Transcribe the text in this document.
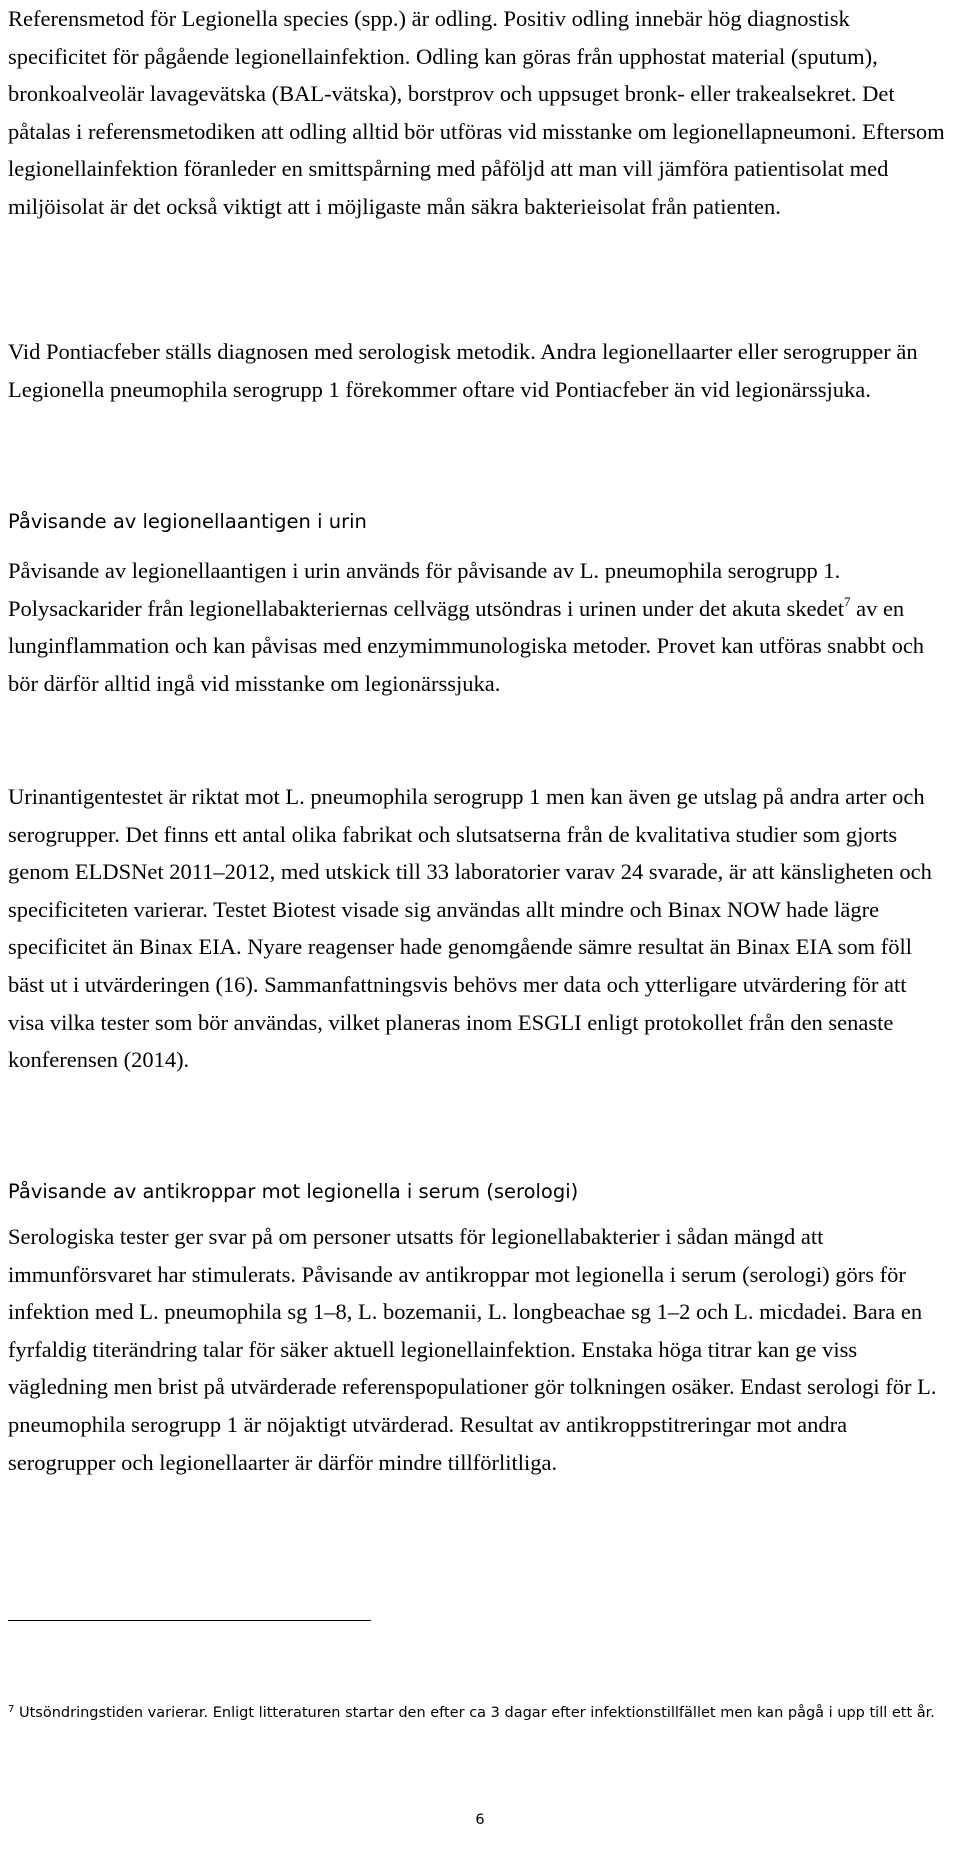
Referensmetod för Legionella species (spp.) är odling. Positiv odling innebär hög diagnostisk specificitet för pågående legionellainfektion. Odling kan göras från upphostat material (sputum), bronkoalveolär lavagevätska (BAL-vätska), borstprov och uppsuget bronk- eller trakealsekret. Det påtalas i referensmetodiken att odling alltid bör utföras vid misstanke om legionellapneumoni. Eftersom legionellainfektion föranleder en smittspårning med påföljd att man vill jämföra patientisolat med miljöisolat är det också viktigt att i möjligaste mån säkra bakterieisolat från patienten.

Vid Pontiacfeber ställs diagnosen med serologisk metodik. Andra legionellaarter eller serogrupper än Legionella pneumophila serogrupp 1 förekommer oftare vid Pontiacfeber än vid legionärssjuka.

Påvisande av legionellaantigen i urin

Påvisande av legionellaantigen i urin används för påvisande av L. pneumophila serogrupp 1. Polysackarider från legionellabakteriernas cellvägg utsöndras i urinen under det akuta skedet$^7$ av en lunginflammation och kan påvisas med enzymimmunologiska metoder. Provet kan utföras snabbt och bör därför alltid ingå vid misstanke om legionärssjuka.

Urinantigentestet är riktat mot L. pneumophila serogrupp 1 men kan även ge utslag på andra arter och serogrupper. Det finns ett antal olika fabrikat och slutsatserna från de kvalitativa studier som gjorts genom ELDSNet 2011–2012, med utskick till 33 laboratorier varav 24 svarade, är att känsligheten och specificiteten varierar. Testet Biotest visade sig användas allt mindre och Binax NOW hade lägre specificitet än Binax EIA. Nyare reagenser hade genomgående sämre resultat än Binax EIA som föll bäst ut i utvärderingen (16). Sammanfattningsvis behövs mer data och ytterligare utvärdering för att visa vilka tester som bör användas, vilket planeras inom ESGLI enligt protokollet från den senaste konferensen (2014).

Påvisande av antikroppar mot legionella i serum (serologi)

Serologiska tester ger svar på om personer utsatts för legionellabakterier i sådan mängd att immunförsvaret har stimulerats. Påvisande av antikroppar mot legionella i serum (serologi) görs för infektion med L. pneumophila sg 1–8, L. bozemanii, L. longbeachae sg 1–2 och L. micdadei. Bara en fyrfaldig titerändring talar för säker aktuell legionellainfektion. Enstaka höga titrar kan ge viss vägledning men brist på utvärderade referenspopulationer gör tolkningen osäker. Endast serologi för L. pneumophila serogrupp 1 är nöjaktigt utvärderad. Resultat av antikroppstitreringar mot andra serogrupper och legionellaarter är därför mindre tillförlitliga.

$^7$ Utsöndringstiden varierar. Enligt litteraturen startar den efter ca 3 dagar efter infektionstillfället men kan pågå i upp till ett år.
6
